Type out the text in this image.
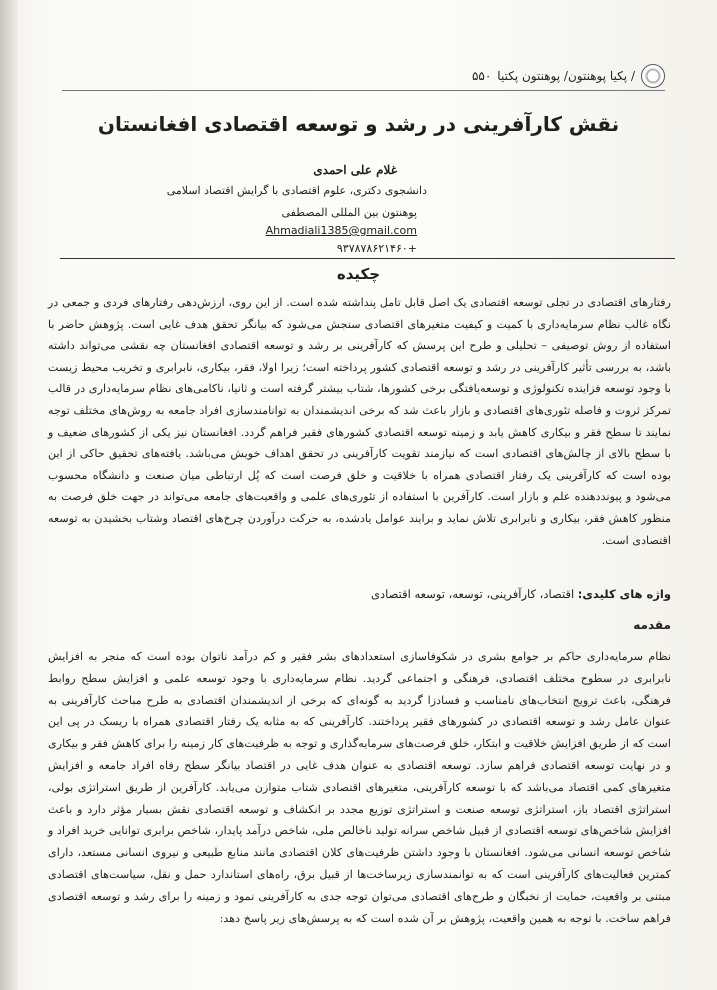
/ پکیا پوهنتون/ پوهنتون پکتیا
۵۵۰
نقش کارآفرینی در رشد و توسعه اقتصادی افغانستان
غلام علی احمدی
دانشجوی دکتری، علوم اقتصادی با گرایش اقتصاد اسلامی
پوهنتون بین المللی المصطفی
Ahmadiali1385@gmail.com
+۹۳۷۸۷۸۶۲۱۴۶۰
چکیده
رفتارهای اقتصادی در تجلی توسعه اقتصادی یک اصل قابل تامل پنداشته شده است. از این روی، ارزش‌دهی رفتارهای فردی و جمعی در نگاه غالب نظام سرمایه‌داری با کمیت و کیفیت متغیرهای اقتصادی سنجش می‌شود که بیانگر تحقق هدف غایی است. پژوهش حاضر با استفاده از روش توصیفی – تحلیلی و طرح این پرسش که کارآفرینی بر رشد و توسعه اقتصادی افغانستان چه نقشی می‌تواند داشته باشد، به بررسی تأثیر کارآفرینی در رشد و توسعه اقتصادی کشور پرداخته است؛ زیرا اولا، فقر، بیکاری، نابرابری و تخریب محیط زیست با وجود توسعه فزاینده تکنولوژی و توسعه‌یافتگی برخی کشورها، شتاب بیشتر گرفته است و ثانیا، ناکامی‌های نظام سرمایه‌داری در قالب تمرکز ثروت و فاصله تئوری‌های اقتصادی و بازار باعث شد که برخی اندیشمندان به توانامندسازی افراد جامعه به روش‌های مختلف توجه نمایند تا سطح فقر و بیکاری کاهش یابد و زمینه توسعه اقتصادی کشورهای فقیر فراهم گردد. افغانستان نیز یکی از کشورهای ضعیف و با سطح بالای از چالش‌های اقتصادی است که نیازمند تقویت کارآفرینی در تحقق اهداف خویش می‌باشد. یافته‌های تحقیق حاکی از این بوده است که کارآفرینی یک رفتار اقتصادی همراه با خلاقیت و خلق فرصت است که پُل ارتباطی میان صنعت و دانشگاه محسوب می‌شود و پیونددهنده علم و بازار است. کارآفرین با استفاده از تئوری‌های علمی و واقعیت‌های جامعه می‌تواند در جهت خلق فرصت به منظور کاهش فقر، بیکاری و نابرابری تلاش نماید و برایند عوامل یادشده، به حرکت درآوردن چرخ‌های اقتصاد وشتاب بخشیدن به توسعه اقتصادی است.
واژه های کلیدی: اقتصاد، کارآفرینی، توسعه، توسعه اقتصادی
مقدمه
نظام سرمایه‌داری حاکم بر جوامع بشری در شکوفاسازی استعدادهای بشر فقیر و کم درآمد ناتوان بوده است که منجر به افزایش نابرابری در سطوح مختلف اقتصادی، فرهنگی و اجتماعی گردید. نظام سرمایه‌داری با وجود توسعه علمی و افزایش سطح روابط فرهنگی، باعث ترویج انتخاب‌های نامناسب و فسادزا گردید به گونه‌ای که برخی از اندیشمندان اقتصادی به طرح مباحث کارآفرینی به عنوان عامل رشد و توسعه اقتصادی در کشورهای فقیر پرداختند. کارآفرینی که به مثابه یک رفتار اقتصادی همراه با ریسک در پی این است که از طریق افزایش خلاقیت و ابتکار، خلق فرصت‌های سرمایه‌گذاری و توجه به ظرفیت‌های کار زمینه را برای کاهش فقر و بیکاری و در نهایت توسعه اقتصادی فراهم سازد. توسعه اقتصادی به عنوان هدف غایی در اقتصاد بیانگر سطح رفاه افراد جامعه و افزایش متغیرهای کمی اقتصاد می‌باشد که با توسعه کارآفرینی، متغیرهای اقتصادی شتاب متوازن می‌یابد. کارآفرین از طریق استراتژی بولی، استراتژی اقتصاد باز، استراتژی توسعه صنعت و استراتژی توزیع مجدد بر انکشاف و توسعه اقتصادی نقش بسیار مؤثر دارد و باعث افزایش شاخص‌های توسعه اقتصادی از قبیل شاخص سرانه تولید ناخالص ملی، شاخص درآمد پایدار، شاخص برابری توانایی خرید افراد و شاخص توسعه انسانی می‌شود. افغانستان با وجود داشتن ظرفیت‌های کلان اقتصادی مانند منابع طبیعی و نیروی انسانی مستعد، دارای کمترین فعالیت‌های کارآفرینی است که به توانمندسازی زیرساخت‌ها از قبیل برق، راه‌های استاندارد حمل و نقل، سیاست‌های اقتصادی مبتنی بر واقعیت، حمایت از نخبگان و طرح‌های اقتصادی می‌توان توجه جدی به کارآفرینی نمود و زمینه را برای رشد و توسعه اقتصادی فراهم ساخت. با توجه به همین واقعیت، پژوهش بر آن شده است که به پرسش‌های زیر پاسخ دهد:
